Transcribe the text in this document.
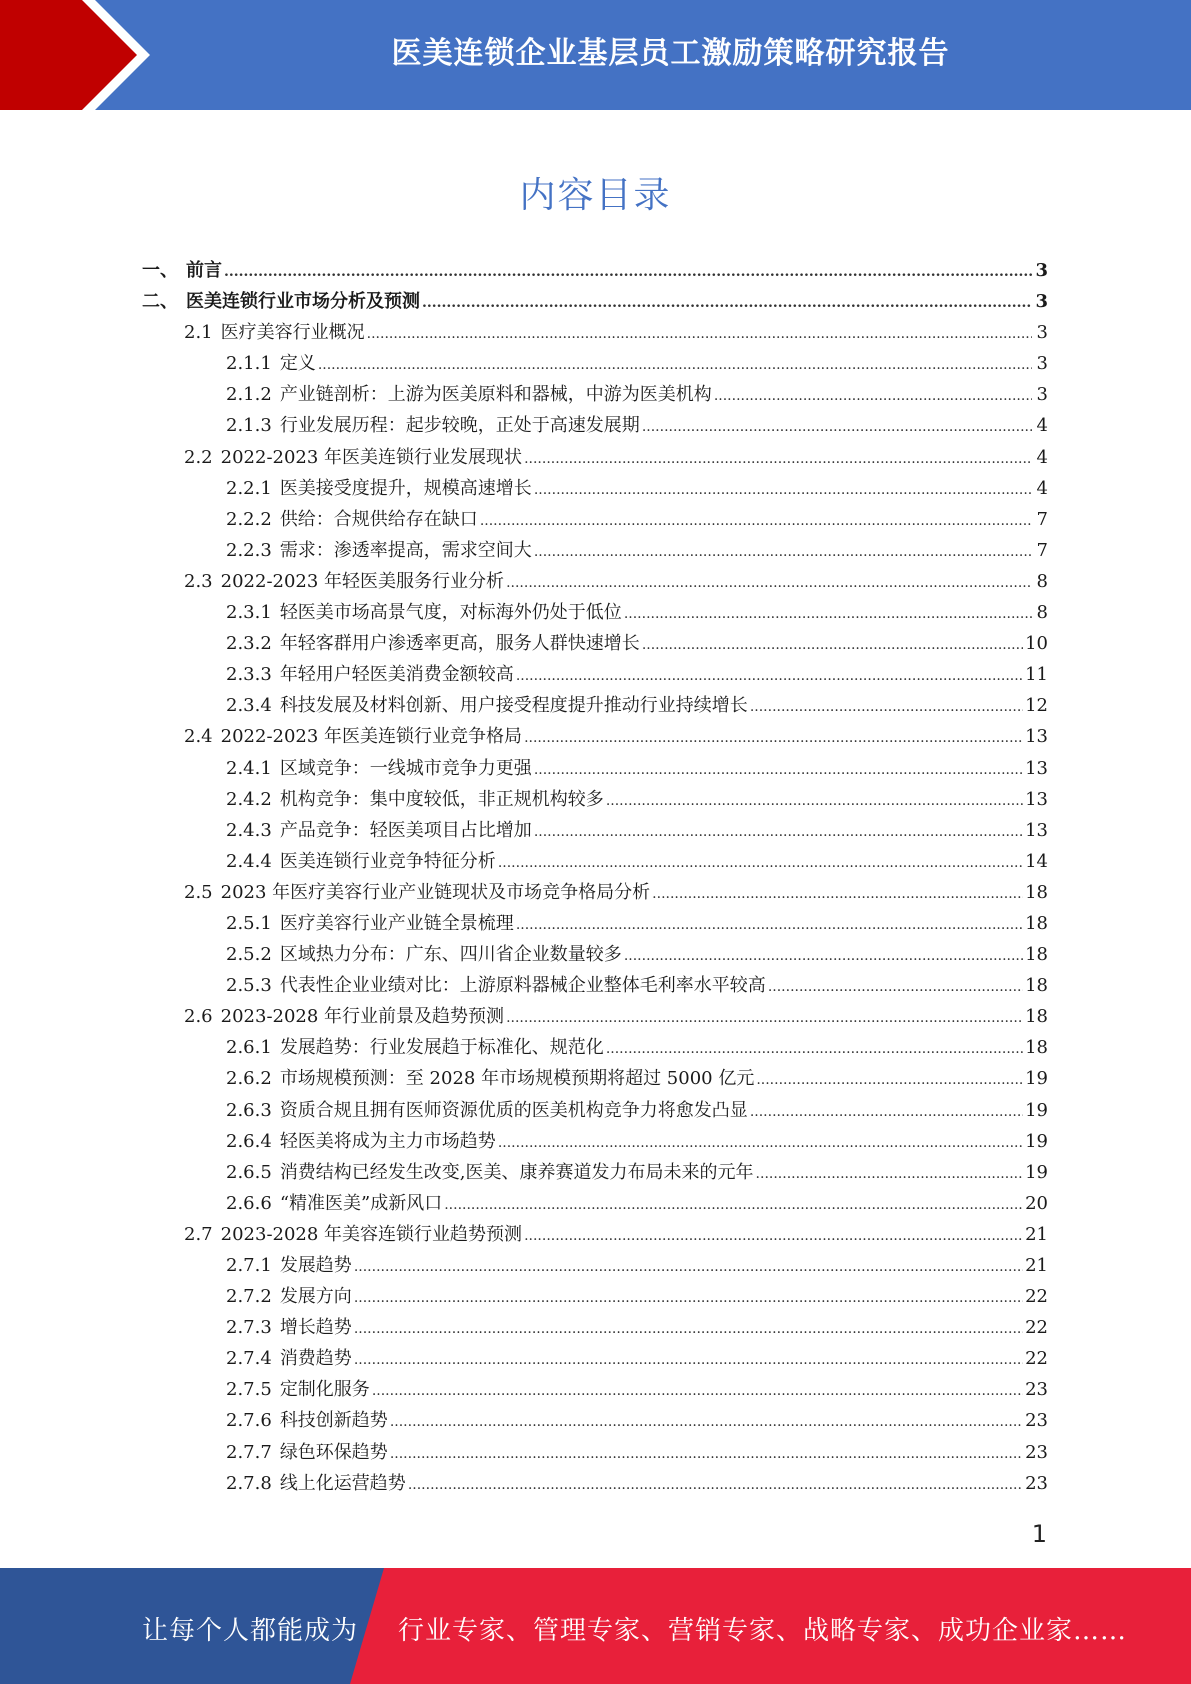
医美连锁企业基层员工激励策略研究报告
内容目录
一、 前言 .....	3
二、 医美连锁行业市场分析及预测 .....	3
2.1 医疗美容行业概况 .....	3
2.1.1 定义 .....	3
2.1.2 产业链剖析：上游为医美原料和器械，中游为医美机构 .....	3
2.1.3 行业发展历程：起步较晚，正处于高速发展期 .....	4
2.2 2022-2023 年医美连锁行业发展现状 .....	4
2.2.1 医美接受度提升，规模高速增长 .....	4
2.2.2 供给：合规供给存在缺口 .....	7
2.2.3 需求：渗透率提高，需求空间大 .....	7
2.3 2022-2023 年轻医美服务行业分析 .....	8
2.3.1 轻医美市场高景气度，对标海外仍处于低位 .....	8
2.3.2 年轻客群用户渗透率更高，服务人群快速增长 .....	10
2.3.3 年轻用户轻医美消费金额较高 .....	11
2.3.4 科技发展及材料创新、用户接受程度提升推动行业持续增长 .....	12
2.4 2022-2023 年医美连锁行业竞争格局 .....	13
2.4.1 区域竞争：一线城市竞争力更强 .....	13
2.4.2 机构竞争：集中度较低，非正规机构较多 .....	13
2.4.3 产品竞争：轻医美项目占比增加 .....	13
2.4.4 医美连锁行业竞争特征分析 .....	14
2.5 2023 年医疗美容行业产业链现状及市场竞争格局分析 .....	18
2.5.1 医疗美容行业产业链全景梳理 .....	18
2.5.2 区域热力分布：广东、四川省企业数量较多 .....	18
2.5.3 代表性企业业绩对比：上游原料器械企业整体毛利率水平较高 .....	18
2.6 2023-2028 年行业前景及趋势预测 .....	18
2.6.1 发展趋势：行业发展趋于标准化、规范化 .....	18
2.6.2 市场规模预测：至 2028 年市场规模预期将超过 5000 亿元 .....	19
2.6.3 资质合规且拥有医师资源优质的医美机构竞争力将愈发凸显 .....	19
2.6.4 轻医美将成为主力市场趋势 .....	19
2.6.5 消费结构已经发生改变,医美、康养赛道发力布局未来的元年 .....	19
2.6.6 “精准医美”成新风口 .....	20
2.7 2023-2028 年美容连锁行业趋势预测 .....	21
2.7.1 发展趋势 .....	21
2.7.2 发展方向 .....	22
2.7.3 增长趋势 .....	22
2.7.4 消费趋势 .....	22
2.7.5 定制化服务 .....	23
2.7.6 科技创新趋势 .....	23
2.7.7 绿色环保趋势 .....	23
2.7.8 线上化运营趋势 .....	23
1
让每个人都能成为 行业专家、管理专家、营销专家、战略专家、成功企业家……
